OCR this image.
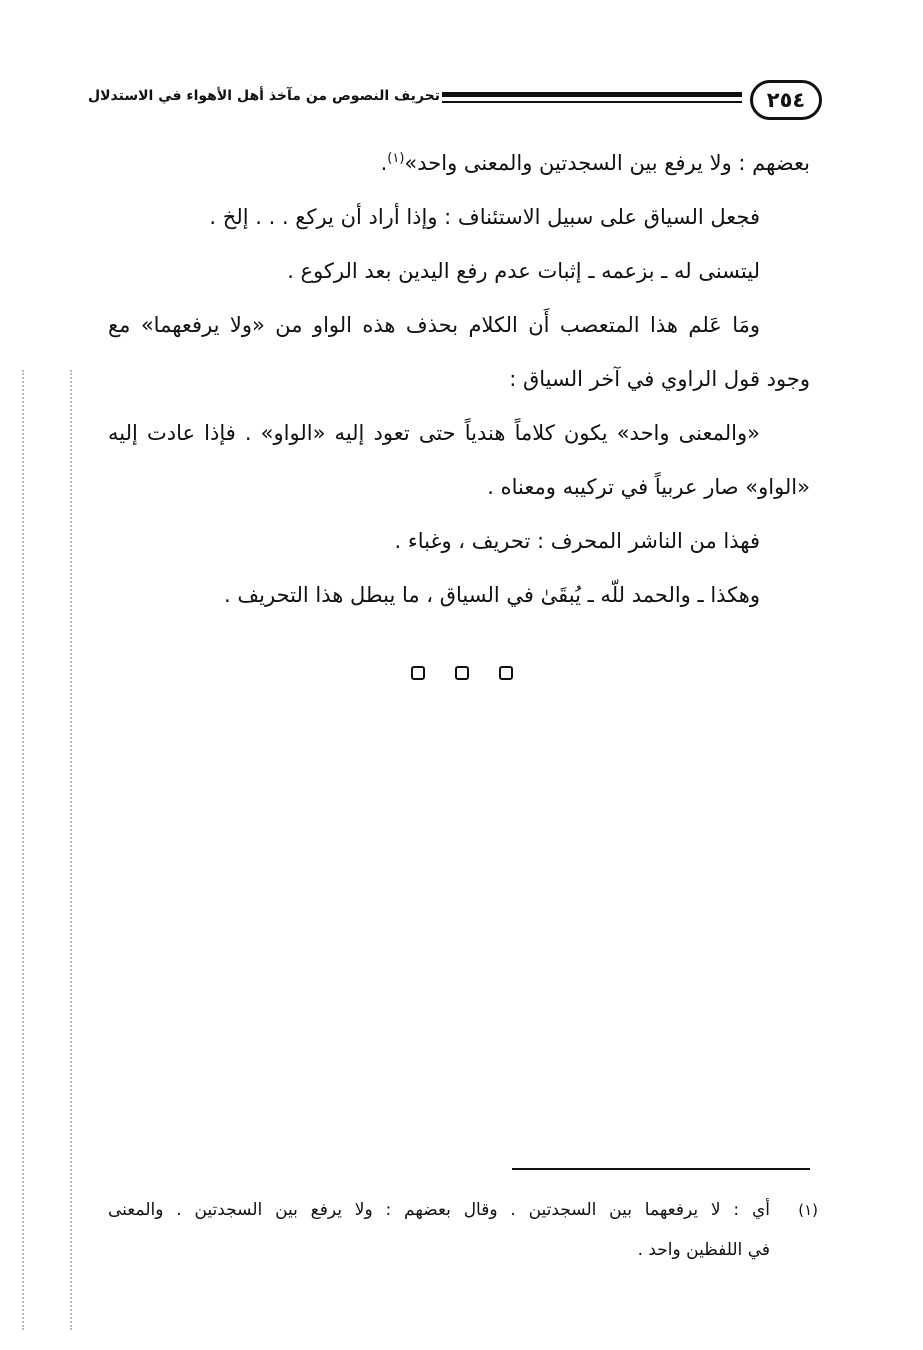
٢٥٤
تحريف النصوص من مآخذ أهل الأهواء في الاستدلال
بعضهم : ولا يرفع بين السجدتين والمعنى واحد»$^{(١)}$.
فجعل السياق على سبيل الاستئناف : وإذا أراد أن يركع . . . إلخ .
ليتسنى له ـ بزعمه ـ إثبات عدم رفع اليدين بعد الركوع .
ومَا عَلم هذا المتعصب أَن الكلام بحذف هذه الواو من «ولا يرفعهما» مع
وجود قول الراوي في آخر السياق :
«والمعنى واحد» يكون كلاماً هندياً حتى تعود إليه «الواو» . فإذا عادت إليه
«الواو» صار عربياً في تركيبه ومعناه .
فهذا من الناشر المحرف : تحريف ، وغباء .
وهكذا ـ والحمد للّه ـ يُبقَىٰ في السياق ، ما يبطل هذا التحريف .
(١)
أي : لا يرفعهما بين السجدتين . وقال بعضهم : ولا يرفع بين السجدتين . والمعنى
في اللفظين واحد .
